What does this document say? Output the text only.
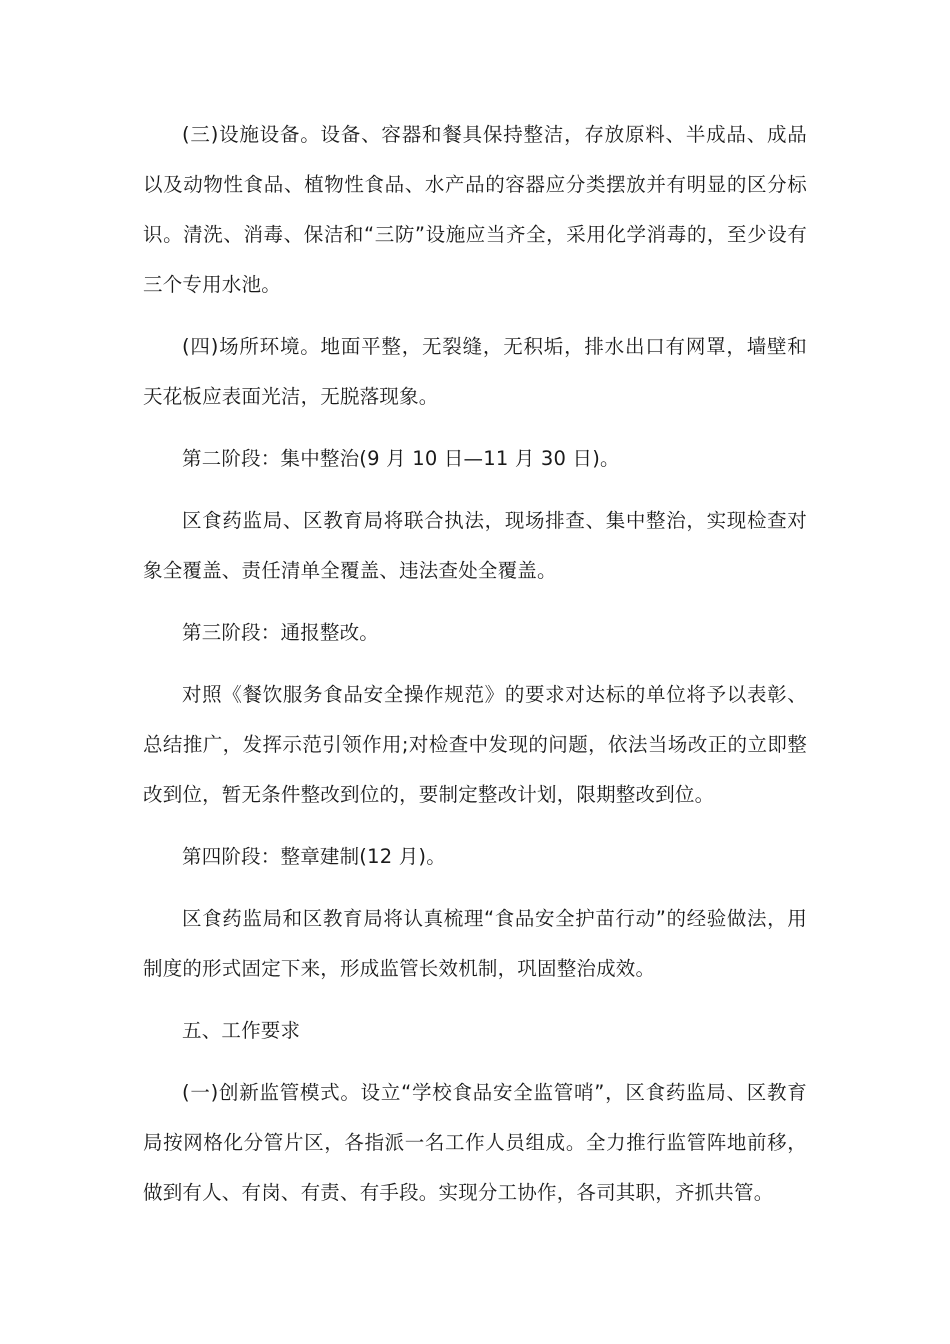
(三)设施设备。设备、容器和餐具保持整洁，存放原料、半成品、成品以及动物性食品、植物性食品、水产品的容器应分类摆放并有明显的区分标识。清洗、消毒、保洁和“三防”设施应当齐全，采用化学消毒的，至少设有三个专用水池。

(四)场所环境。地面平整，无裂缝，无积垢，排水出口有网罩，墙壁和天花板应表面光洁，无脱落现象。

第二阶段：集中整治(9 月 10 日—11 月 30 日)。

区食药监局、区教育局将联合执法，现场排查、集中整治，实现检查对象全覆盖、责任清单全覆盖、违法查处全覆盖。

第三阶段：通报整改。

对照《餐饮服务食品安全操作规范》的要求对达标的单位将予以表彰、总结推广，发挥示范引领作用;对检查中发现的问题，依法当场改正的立即整改到位，暂无条件整改到位的，要制定整改计划，限期整改到位。

第四阶段：整章建制(12 月)。

区食药监局和区教育局将认真梳理“食品安全护苗行动”的经验做法，用制度的形式固定下来，形成监管长效机制，巩固整治成效。

五、工作要求

(一)创新监管模式。设立“学校食品安全监管哨”，区食药监局、区教育局按网格化分管片区，各指派一名工作人员组成。全力推行监管阵地前移，做到有人、有岗、有责、有手段。实现分工协作，各司其职，齐抓共管。
